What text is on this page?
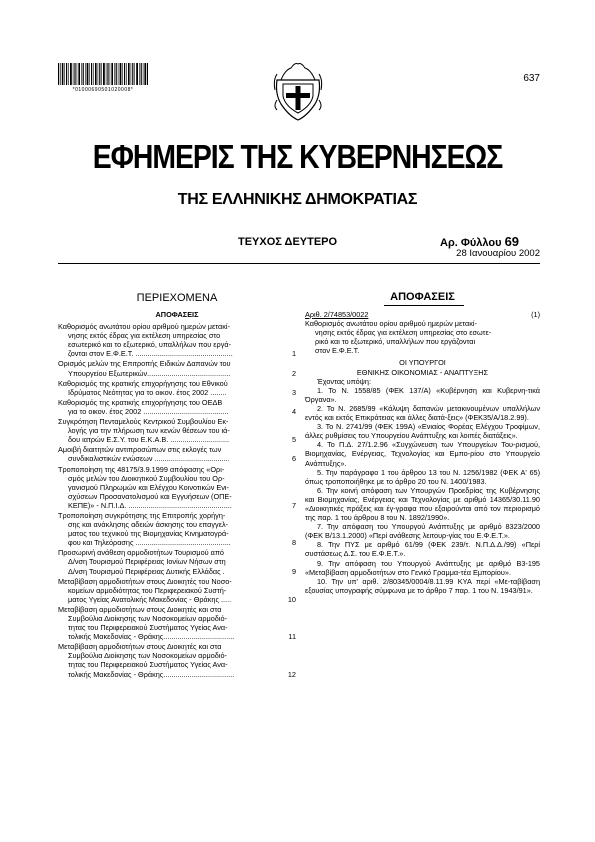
*01000690501020008*
637
ΕΦΗΜΕΡΙΣ ΤΗΣ ΚΥΒΕΡΝΗΣΕΩΣ
ΤΗΣ ΕΛΛΗΝΙΚΗΣ ΔΗΜΟΚΡΑΤΙΑΣ
ΤΕΥΧΟΣ ΔΕΥΤΕΡΟ	Αρ. Φύλλου 69
28 Ιανουαρίου 2002
ΠΕΡΙΕΧΟΜΕΝΑ
ΑΠΟΦΑΣΕΙΣ
Καθορισμός ανωτάτου ορίου αριθμού ημερών μετακί-
νησης εκτός έδρας για εκτέλεση υπηρεσίας στο
εσωτερικό και το εξωτερικό, υπαλλήλων που εργά-
ζονται στον Ε.Φ.Ε.Τ. ................................................	1
Ορισμός μελών της Επιτροπής Ειδικών Δαπανών του
Υπουργείου Εξωτερικών.........................................	2
Καθορισμός της κρατικής επιχορήγησης του Εθνικού
Ιδρύματος Νεότητας για το οικον. έτος 2002 ........	3
Καθορισμός της κρατικής επιχορήγησης του ΟΕΔΒ
για το οικον. έτος 2002 ..........................................	4
Συγκρότηση Πενταμελούς Κεντρικού Συμβουλίου Εκ-
λογής για την πλήρωση των κενών θέσεων του ιά-
δου ιατρών Ε.Σ.Υ. του Ε.Κ.Α.Β. .............................	5
Αμοιβή διαιτητών αντιπροσώπων στις εκλογές των
συνδικαλιστικών ενώσεων .....................................	6
Τροποποίηση της 48175/3.9.1999 απόφασης «Ορι-
σμός μελών του Διοικητικού Συμβουλίου του Ορ-
γανισμού Πληρωμών και Ελέγχου Κοινοτικών Ενι-
σχύσεων Προσανατολισμού και Εγγυήσεων (ΟΠΕ-
ΚΕΠΕ)» - Ν.Π.Ι.Δ. ...................................................	7
Τροποποίηση συγκρότησης της Επιτροπής χορήγη-
σης και ανάκλησης αδειών άσκησης του επαγγελ-
ματος του τεχνικού της Βιομηχανίας Κινηματογρά-
φου και Τηλεόρασης ...............................................	8
Προσωρινή ανάθεση αρμοδιοτήτων Τουρισμού από
Δ/νση Τουρισμού Περιφέρειας Ιονίων Νήσων στη
Δ/νση Τουρισμού Περιφέρειας Δυτικής Ελλάδας .	9
Μεταβίβαση αρμοδιοτήτων στους Διοικητές του Νοσο-
κομείων αρμοδιότητας του Περιφερειακού Συστή-
ματος Υγείας Ανατολικής Μακεδονίας - Θράκης .....	10
Μεταβίβαση αρμοδιοτήτων στους Διοικητές και στα
Συμβούλια Διοίκησης των Νοσοκομείων αρμοδιό-
τητας του Περιφερειακού Συστήματος Υγείας Ανα-
τολικής Μακεδονίας - Θράκης...................................	11
Μεταβίβαση αρμοδιοτήτων στους Διοικητές και στα
Συμβούλια Διοίκησης των Νοσοκομείων αρμοδιό-
τητας του Περιφερειακού Συστήματος Υγείας Ανα-
τολικής Μακεδονίας - Θράκης...................................	12
ΑΠΟΦΑΣΕΙΣ
Αριθ. 2/74853/0022	(1)
Καθορισμός ανωτάτου ορίου αριθμού ημερών μετακί-
νησης εκτός έδρας για εκτέλεση υπηρεσίας στο εσωτε-
ρικό και το εξωτερικό, υπαλλήλων που εργάζονται
στον Ε.Φ.Ε.Τ.
ΟΙ ΥΠΟΥΡΓΟΙ
ΕΘΝΙΚΗΣ ΟΙΚΟΝΟΜΙΑΣ - ΑΝΑΠΤΥΞΗΣ
Έχοντας υπόψη:
1. Το Ν. 1558/85 (ΦΕΚ 137/Α) «Κυβέρνηση και Κυβερνη-τικά Όργανα».
2. Το Ν. 2685/99 «Κάλυψη δαπανών μετακινουμένων υπαλλήλων εντός και εκτός Επικράτειας και άλλες διατά-ξεις» (ΦΕΚ35/Α/18.2.99).
3. Το Ν. 2741/99 (ΦΕΚ 199Α) «Ενιαίος Φορέας Ελέγχου Τροφίμων, άλλες ρυθμίσεις του Υπουργείου Ανάπτυξης και λοιπές διατάξεις».
4. Το Π.Δ. 27/1.2.96 «Συγχώνευση των Υπουργείων Του-ρισμού, Βιομηχανίας, Ενέργειας, Τεχνολογίας και Εμπο-ρίου στο Υπουργείο Ανάπτυξης».
5. Την παράγραφο 1 του άρθρου 13 του Ν. 1256/1982 (ΦΕΚ Α' 65) όπως τροποποιήθηκε με το άρθρο 20 του Ν. 1400/1983.
6. Την κοινή απόφαση των Υπουργών Προεδρίας της Κυβέρνησης και Βιομηχανίας, Ενέργειας και Τεχνολογίας με αριθμό 14365/30.11.90 «Διοικητικές πράξεις και έγ-γραφα που εξαιρούνται από τον περιορισμό της παρ. 1 του άρθρου 8 του Ν. 1892/1990».
7. Την απόφαση του Υπουργού Ανάπτυξης με αριθμό 8323/2000 (ΦΕΚ Β/13.1.2000) «Περί ανάθεσης λειτουρ-γίας του Ε.Φ.Ε.Τ.».
8. Την ΠΥΣ με αριθμό 61/99 (ΦΕΚ 239/τ. Ν.Π.Δ.Δ./99) «Περί συστάσεως Δ.Σ. του Ε.Φ.Ε.Τ.».
9. Την απόφαση του Υπουργού Ανάπτυξης με αριθμό Β3-195 «Μεταβίβαση αρμοδιοτήτων στο Γενικό Γραμμα-τέα Εμπορίου».
10. Την υπ' αριθ. 2/80345/0004/8.11.99 ΚΥΑ περί «Με-ταβίβαση εξουσίας υπογραφής σύμφωνα με το άρθρο 7 παρ. 1 του Ν. 1943/91».
